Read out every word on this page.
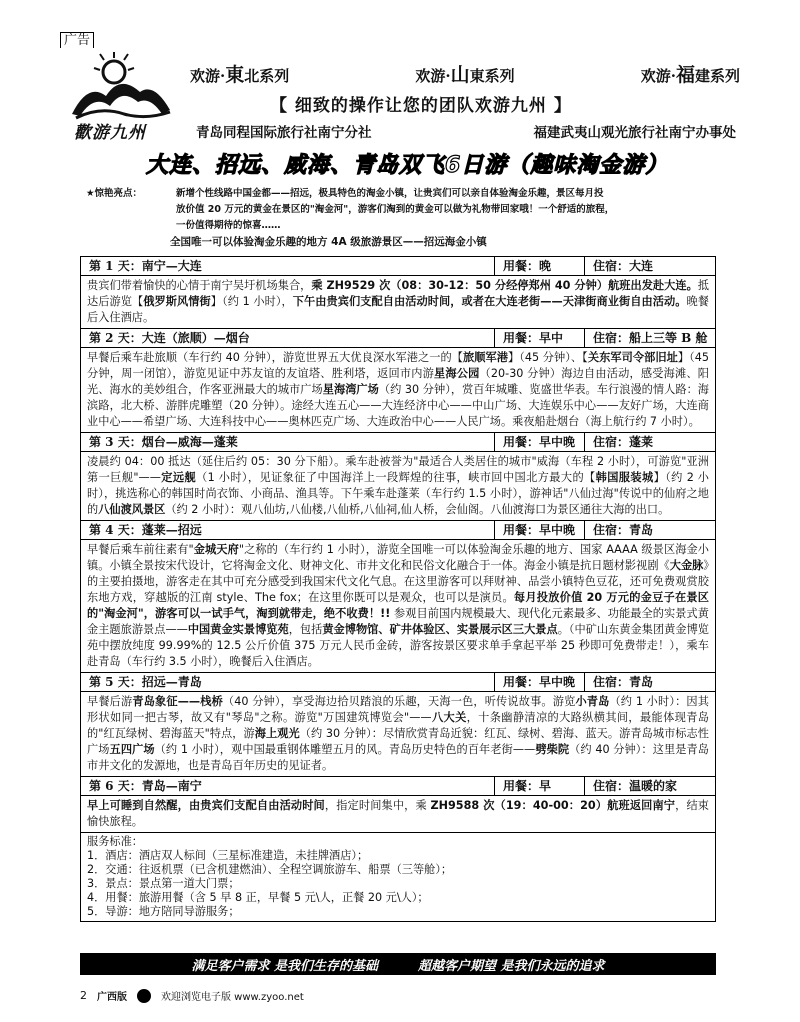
广告
歡游九州
欢游·東北系列	欢游·山東系列	欢游·福建系列
【 细致的操作让您的团队欢游九州 】
青岛同程国际旅行社南宁分社	福建武夷山观光旅行社南宁办事处
大连、招远、威海、青岛双飞6日游（趣味淘金游）
★惊艳亮点：	新增个性线路中国金都——招远，极具特色的淘金小镇，让贵宾们可以亲自体验淘金乐趣，景区每月投
放价值 20 万元的黄金在景区的"淘金河"，游客们淘到的黄金可以做为礼物带回家哦！一个舒适的旅程，
一份值得期待的惊喜……
全国唯一可以体验淘金乐趣的地方 4A 级旅游景区——招远海金小镇
第 1 天：南宁—大连	用餐：晚	住宿：大连
贵宾们带着愉快的心情于南宁吴圩机场集合，乘 ZH9529 次（08：30-12：50 分经停郑州 40 分钟）航班出发赴大连。抵达后游览【俄罗斯风情街】（约 1 小时），下午由贵宾们支配自由活动时间，或者在大连老街——天津街商业街自由活动。晚餐后入住酒店。
第 2 天：大连（旅顺）—烟台	用餐：早中	住宿：船上三等 B 舱
早餐后乘车赴旅顺（车行约 40 分钟），游览世界五大优良深水军港之一的【旅顺军港】（45 分钟）、【关东军司令部旧址】（45 分钟，周一闭馆），游览见证中苏友谊的友谊塔、胜利塔，返回市内游星海公园（20-30 分钟）海边自由活动，感受海滩、阳光、海水的美妙组合，作客亚洲最大的城市广场星海湾广场（约 30 分钟），赏百年城雕、览盛世华表。车行浪漫的情人路：海滨路，北大桥、游胖虎雕塑（20 分钟）。途经大连五心——大连经济中心——中山广场、大连娱乐中心——友好广场，大连商业中心——希望广场、大连科技中心——奥林匹克广场、大连政治中心——人民广场。乘夜船赴烟台（海上航行约 7 小时）。
第 3 天：烟台—威海—蓬莱	用餐：早中晚	住宿：蓬莱
凌晨约 04：00 抵达（延住后约 05：30 分下船）。乘车赴被誉为"最适合人类居住的城市"威海（车程 2 小时），可游览"亚洲第一巨舰"——定远舰（1 小时），见证象征了中国海洋上一段辉煌的往事，峡市回中国北方最大的【韩国服装城】（约 2 小时），挑选称心的韩国时尚衣饰、小商品、渔具等。下午乘车赴蓬莱（车行约 1.5 小时），游神话"八仙过海"传说中的仙府之地的八仙渡风景区（约 2 小时）：观八仙坊,八仙楼,八仙桥,八仙祠,仙人桥，会仙阁。八仙渡海口为景区通往大海的出口。
第 4 天：蓬莱—招远	用餐：早中晚	住宿：青岛
早餐后乘车前往素有"金城天府"之称的（车行约 1 小时），游览全国唯一可以体验淘金乐趣的地方、国家 AAAA 级景区海金小镇。小镇全景按宋代设计，它将淘金文化、财神文化、市井文化和民俗文化融合于一体。海金小镇是抗日题材影视剧《大金脉》的主要拍摄地，游客走在其中可充分感受到我国宋代文化气息。在这里游客可以拜财神、品尝小镇特色豆花，还可免费观赏胶东地方戏，穿越版的江南 style、The fox；在这里你既可以是观众，也可以是演员。每月投放价值 20 万元的金豆子在景区的"淘金河"，游客可以一试手气，淘到就带走，绝不收费！!! 参观目前国内规模最大、现代化元素最多、功能最全的实景式黄金主题旅游景点——中国黄金实景博览苑，包括黄金博物馆、矿井体验区、实景展示区三大景点。（中矿山东黄金集团黄金博览苑中摆放纯度 99.99%的 12.5 公斤价值 375 万元人民币金砖，游客按景区要求单手拿起平举 25 秒即可免费带走！），乘车赴青岛（车行约 3.5 小时），晚餐后入住酒店。
第 5 天：招远—青岛	用餐：早中晚	住宿：青岛
早餐后游青岛象征——栈桥（40 分钟），享受海边拾贝踏浪的乐趣，天海一色，听传说故事。游览小青岛（约 1 小时）：因其形状如同一把古琴，故又有"琴岛"之称。游览"万国建筑博览会"——八大关，十条幽静清凉的大路纵横其间，最能体现青岛的"红瓦绿树、碧海蓝天"特点，游海上观光（约 30 分钟）：尽情欣赏青岛近貌：红瓦、绿树、碧海、蓝天。游青岛城市标志性广场五四广场（约 1 小时），观中国最重钢体雕塑五月的风。青岛历史特色的百年老街——劈柴院（约 40 分钟）：这里是青岛市井文化的发源地，也是青岛百年历史的见证者。
第 6 天：青岛—南宁	用餐：早	住宿：温暖的家
早上可睡到自然醒，由贵宾们支配自由活动时间，指定时间集中，乘 ZH9588 次（19：40-00：20）航班返回南宁，结束愉快旅程。
服务标准：
1．酒店：酒店双人标间（三星标准建造，未挂牌酒店）；
2．交通：往返机票（已含机建燃油）、全程空调旅游车、船票（三等舱）；
3．景点：景点第一道大门票；
4．用餐：旅游用餐（含 5 早 8 正，早餐 5 元\人，正餐 20 元\人）；
5．导游：地方陪同导游服务；
满足客户需求 是我们生存的基础	超越客户期望 是我们永远的追求
2 广西版	欢迎浏览电子版 www.zyoo.net
